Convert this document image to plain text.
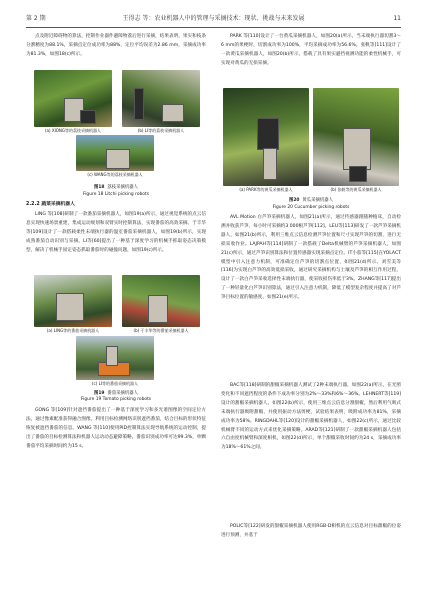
第 2 期	王得志 等：农业机器人中的管理与采摘技术：现状、挑战与未来发展	11

点及附近障碍物的算法，控制作业器件避障物荔后进行采摘，结果表明，果实和枝条分割精度为88.1%，采摘点定位成功率为88%，定位平均误差为2.86 mm，采摘成功率为81.3%，如图18(c)所示。

(a) XIONG等的荔枝采摘机器人	(b) LI等的荔枝采摘机器人
(c) WANG等的荔枝采摘机器人
图18 荔枝采摘机器人
Figure 18 Litchi picking robots

2.2.2 蔬菜采摘机器人

LING 等[108]研制了一款番茄采摘机器人，如图19(a)所示，通过视觉系统的点云信息实现快速场景重建，集成运动规划和双臂实时控制算法，实现番茄的高效采摘。于丰华等[109]设计了一款搭载柔性末端执行器的温室番茄采摘机器人，如图19(b)所示，实现成熟番茄自动识别与采摘。LI等[60]提出了一种基于深度学习的机械手抓取姿态决策模型，解决了机械手固定姿态抓取番茄时的碰撞问题，如图19(c)所示。

(a) LING等的番茄采摘机器人	(b) 于丰华等的番茄采摘机器人
(c) LI等的番茄采摘机器人
图19 番茄采摘机器人
Figure 19 Tomato picking robots

GONG 等[109]针对遮挡番茄提出了一种基于深度学习和多光谱图像的空间定位方法，通过像素配准获得融合图像，利用目标检测网络识别遮挡番茄，结合目标的形状特征恢复被遮挡番茄的信息。WANG 等[110]使用PID控制算法实现导航系统的运动控制，提出了番茄的目标检测算法和机器人运动动态避障策略，番茄识别成功率可达99.3%，单颗番茄平均采摘时间约为15 s。

PARK 等[110]设计了一台黄瓜采摘机器人，如图20(a)所示，当末端执行器切割3～6 mm的果梗时，切割成功率为100%，平均采摘成功率为56.6%。张帆等[111]设计了一款黄瓜采摘机器人，如图20(b)所示，搭载了具有果实避挡视测功能的柔性机械手，可实现对黄瓜的无损采摘。

(a) PARK等的黄瓜采摘机器人	(b) 张帆等的黄瓜采摘机器人
图20 黄瓜采摘机器人
Figure 20 Cucumber picking robots

AVL Motion 白芦笋采摘机器人，如图21(a)所示，通过传感器跟随种植床，自动检测并收获芦笋，每小时可采摘约3 000根芦笋[112]。LEU等[113]研发了一款芦笋采摘机器人，如图21(b)所示，利用三维点云信息检测芦笋位置和尺寸实现芦笋的切割，进行无损采收作业。LAJPAH等[114]研制了一款搭载了Delta机械臂的芦笋采摘机器人，如图21(c)所示，通过芦笋识别算法和位置传感器实现采摘点定位。IT小茄等[115]在YOLACT模型中引入注意力机制，可准确定位芦笋的切割点位置，如图21(d)所示。刘雪美等[116]为实现白芦笋的高效低损采收，通过研究采摘机构与土壤及芦笋的相互作用过程，设计了一款白芦笋采收选择性末端执行器，使采收损伤率低于3%。ZHANG等[117]提出了一种轻量化白芦笋识别算法，通过引入注意力机制，降低了模型复杂程度并提高了对芦笋目标位置的敏感度，如图21(e)所示。

BAC等[118]研制的甜椒采摘机器人测试了2种末端执行器，如图22(a)所示，在光照变化和不同遮挡程度的条件下成功率分别为2%～33%和6%～36%。LEHNERT等[119]设计的甜椒采摘机器人，如图22(b)所示，使用三维点云信息分割甜椒，然后利用气吸式末端执行器吸附甜椒，并使用振动方法剪梗，试验结果表明，吸附成功率为81%，采摘成功率为58%。RINGDAHL等[120]设计的甜椒采摘机器人，如图22(c)所示，通过比较机械臂不同的运动方式来优化采摘策略。ARAD等[121]研制了一款甜椒采摘机器人包括六自由度机械臂和深度相机，如图22(d)所示，单个甜椒采收时间约为24 s，采摘成功率为18%～61%之间。

POLIC等[122]研发的甜椒采摘机器人使用RGB-D相机的点云信息对目标甜椒的位姿进行预测，并基于
